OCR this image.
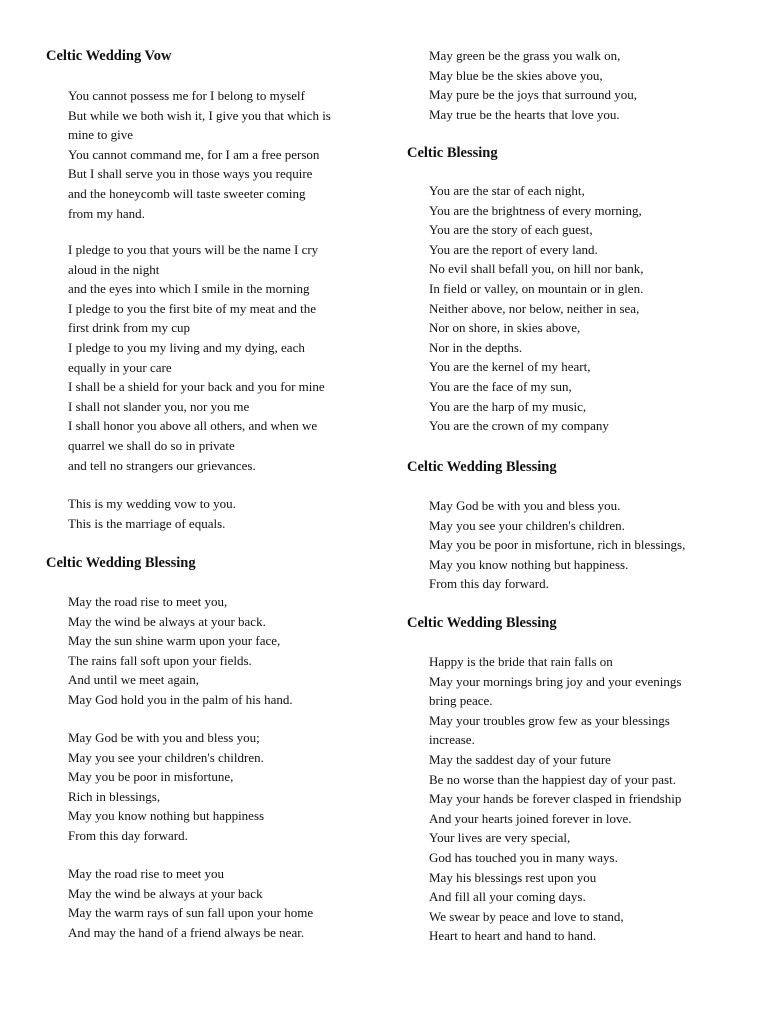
Celtic Wedding Vow

You cannot possess me for I belong to myself
But while we both wish it, I give you that which is
mine to give
You cannot command me, for I am a free person
But I shall serve you in those ways you require
and the honeycomb will taste sweeter coming
from my hand.

I pledge to you that yours will be the name I cry
aloud in the night
and the eyes into which I smile in the morning
I pledge to you the first bite of my meat and the
first drink from my cup
I pledge to you my living and my dying, each
equally in your care
I shall be a shield for your back and you for mine
I shall not slander you, nor you me
I shall honor you above all others, and when we
quarrel we shall do so in private
and tell no strangers our grievances.

This is my wedding vow to you.
This is the marriage of equals.

Celtic Wedding Blessing

May the road rise to meet you,
May the wind be always at your back.
May the sun shine warm upon your face,
The rains fall soft upon your fields.
And until we meet again,
May God hold you in the palm of his hand.

May God be with you and bless you;
May you see your children's children.
May you be poor in misfortune,
Rich in blessings,
May you know nothing but happiness
From this day forward.

May the road rise to meet you
May the wind be always at your back
May the warm rays of sun fall upon your home
And may the hand of a friend always be near.

May green be the grass you walk on,
May blue be the skies above you,
May pure be the joys that surround you,
May true be the hearts that love you.

Celtic Blessing

You are the star of each night,
You are the brightness of every morning,
You are the story of each guest,
You are the report of every land.
No evil shall befall you, on hill nor bank,
In field or valley, on mountain or in glen.
Neither above, nor below, neither in sea,
Nor on shore, in skies above,
Nor in the depths.
You are the kernel of my heart,
You are the face of my sun,
You are the harp of my music,
You are the crown of my company

Celtic Wedding Blessing

May God be with you and bless you.
May you see your children's children.
May you be poor in misfortune, rich in blessings,
May you know nothing but happiness.
From this day forward.

Celtic Wedding Blessing

Happy is the bride that rain falls on
May your mornings bring joy and your evenings
bring peace.
May your troubles grow few as your blessings
increase.
May the saddest day of your future
Be no worse than the happiest day of your past.
May your hands be forever clasped in friendship
And your hearts joined forever in love.
Your lives are very special,
God has touched you in many ways.
May his blessings rest upon you
And fill all your coming days.
We swear by peace and love to stand,
Heart to heart and hand to hand.
